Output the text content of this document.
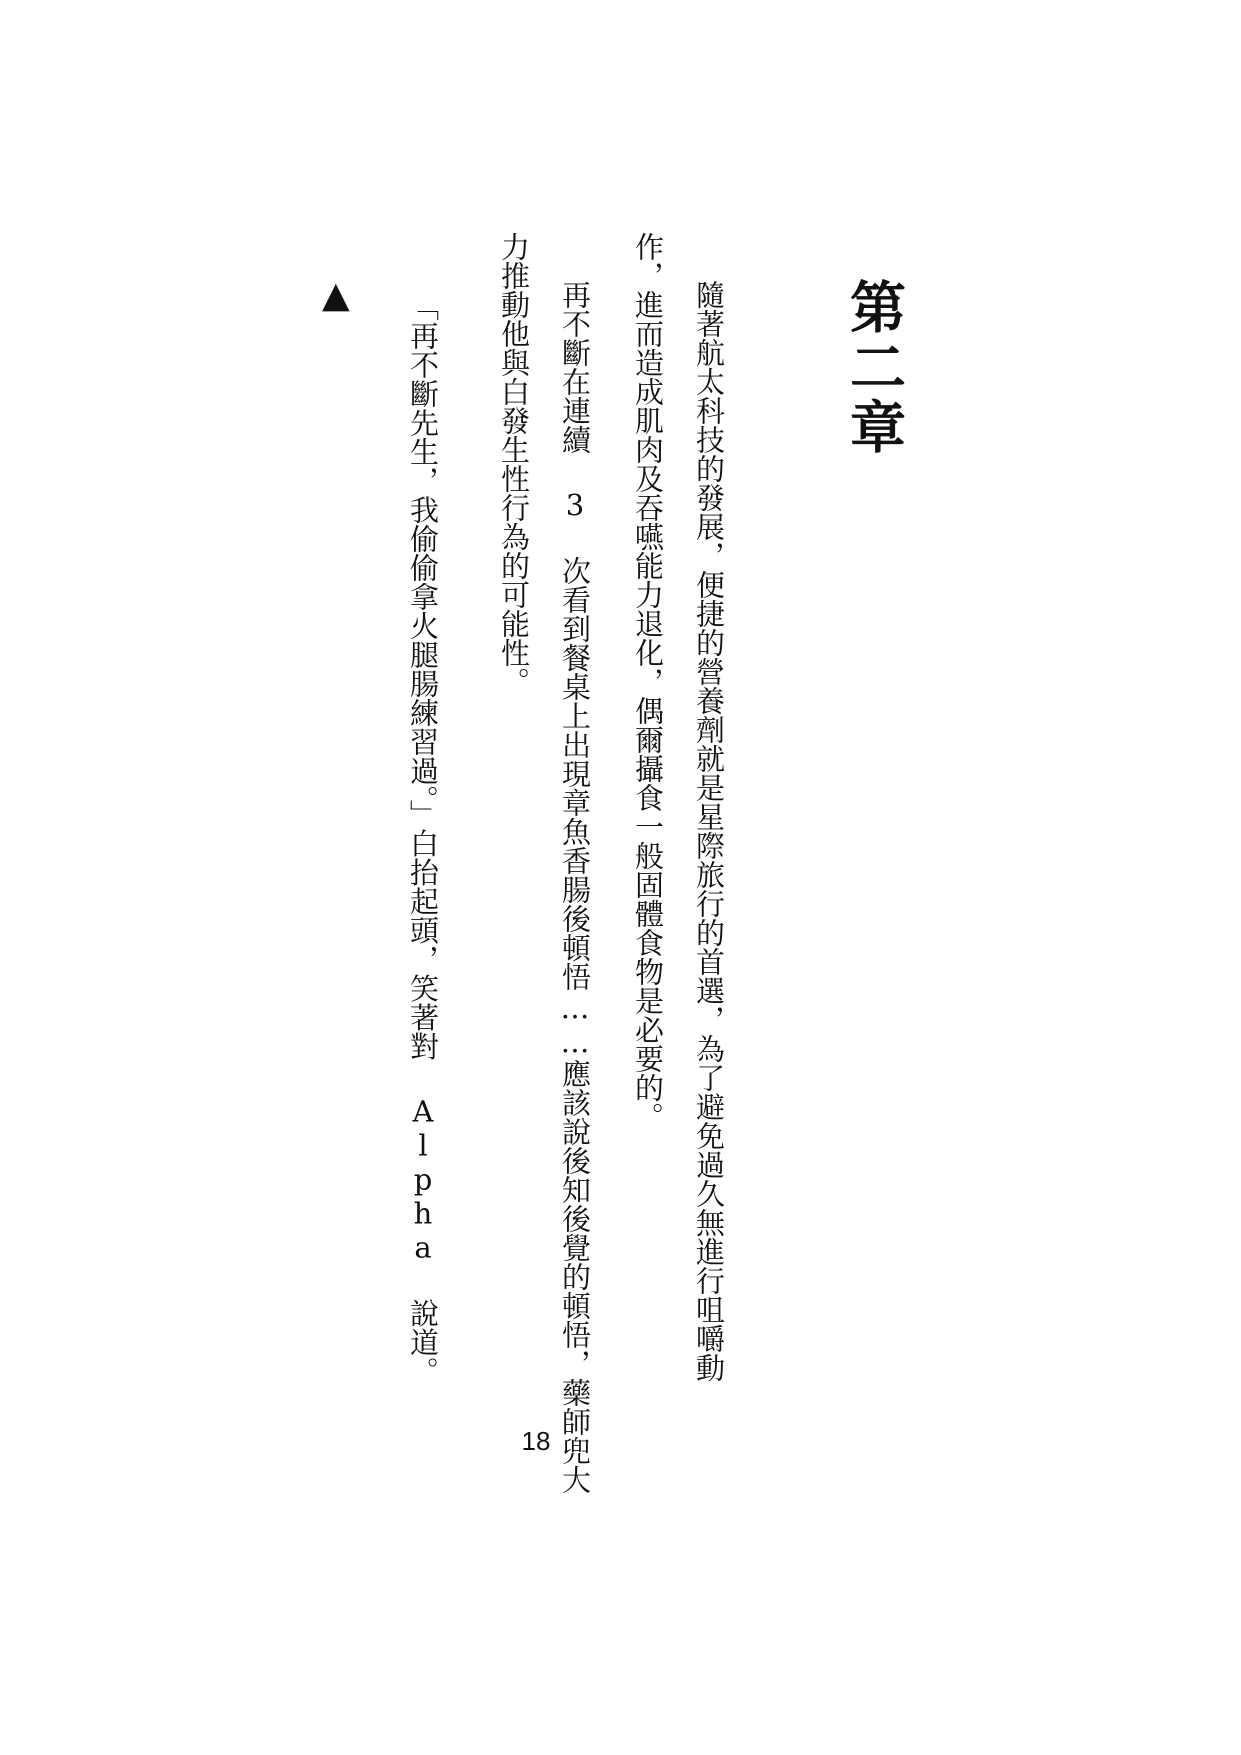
第二章
隨著航太科技的發展，便捷的營養劑就是星際旅行的首選，為了避免過久無進行咀嚼動
作，進而造成肌肉及吞嚥能力退化，偶爾攝食一般固體食物是必要的。
再不斷在連續 3 次看到餐桌上出現章魚香腸後頓悟……應該說後知後覺的頓悟，藥師兜大
力推動他與白發生性行為的可能性。
「再不斷先生，我偷偷拿火腿腸練習過。」白抬起頭，笑著對 Alpha 說道。
▲
18
